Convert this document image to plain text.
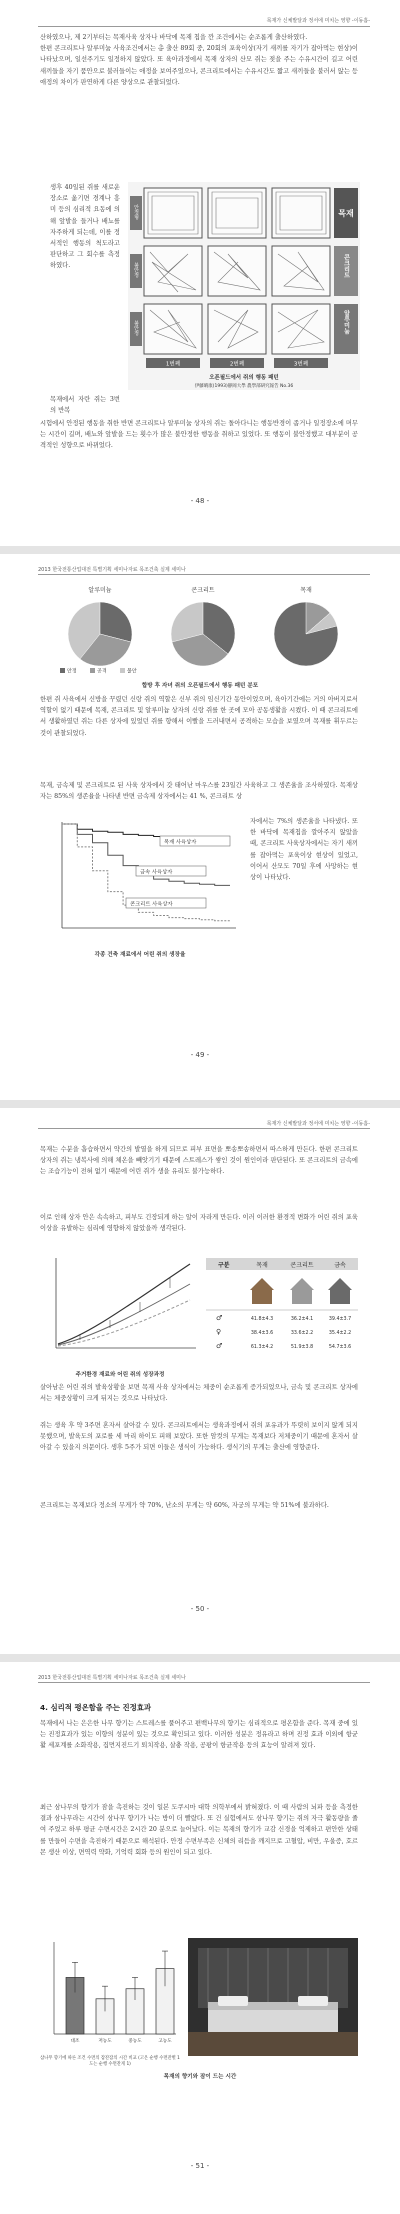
목재가 신체발달과 정서에 미치는 영향 -이동흡-
산하였으나, 제 2기부터는 목재사육 상자나 바닥에 목재 칩을 깐 조건에서는 순조롭게 출산하였다.
한편 콘크리트나 알루미늄 사육조건에서는 총 출산 89회 중, 20회의 포육이상(자기 새끼를 자기가 잡아먹는 현상)이 나타났으며, 일선주기도 일정하지 않았다. 또 육아과정에서 목재 상자의 산모 쥐는 젖을 주는 수유시간이 길고 어린 새끼들을 자기 품안으로 불러들이는 애정을 보여주었으나, 콘크리트에서는 수유시간도 짧고 새끼들을 불러서 않는 등 애정의 차이가 판연하게 다른 양상으로 관찰되었다.
생후 40일된 쥐를 새로운 장소로 옮기면 경계나 흥미 등의 심리적 요동에 의해 앞발을 들거나 배뇨를 자주하게 되는데, 이를 정서적인 행동의 척도라고 판단하고 그 회수를 측정하였다.
목재에서 자란 쥐는 3번의 반복
안정형
불안정
불안정
목재
콘크리트
알루미늄
1번째	2번째	3번째
오픈필드에서 쥐의 행동 패턴
伊藤晴康(1993)靜岡大學 農學部研究報告 No.36
시험에서 안정된 행동을 취한 반면 콘크리트나 알루미늄 상자의 쥐는 돌아다니는 행동반경이 좁거나 일정장소에 머무는 시간이 길며, 배뇨와 앞발을 드는 횟수가 많은 불안정한 행동을 취하고 있었다. 또 행동이 불안정했고 대부분이 공격적인 성향으로 바뀌었다.
- 48 -
2013 한국전통산업대전 특별기획 세미나자료 목조건축 실제 세미나
알루미늄	콘크리트	목재
안정	공격	불안
합방 후 자녀 쥐의 오픈필드에서 행동 패턴 분포
한편 쥐 사육에서 신방을 꾸렸던 신랑 쥐의 역할은 신부 쥐의 임신기간 동안이었으며, 육아기간에는 거의 아버지로서 역할이 없기 때문에 목재, 콘크리트 및 알루미늄 상자의 신랑 쥐를 한 곳에 모아 공동생활을 시켰다. 이 때 콘크리트에서 생활하였던 쥐는 다른 상자에 있었던 쥐를 향해서 이빨을 드러내면서 공격하는 모습을 보였으며 목재를 휘두르는 것이 관찰되었다.
목재, 금속제 및 콘크리트로 된 사육 상자에서 갓 태어난 마우스를 23일간 사육하고 그 생존율을 조사하였다. 목재상자는 85%의 생존율을 나타낸 반면 금속제 상자에서는 41 %, 콘크리트 상
목재 사육상자
금속 사육상자
콘크리트 사육상자
각종 건축 재료에서 어린 쥐의 생장율
자에서는 7%의 생존율을 나타냈다. 또한 바닥에 목재칩을 깔아주지 않았을 때, 콘크리트 사육상자에서는 자기 새끼를 잡아먹는 포육이상 현상이 있었고, 이어서 산모도 70일 후에 사망하는 현상이 나타났다.
- 49 -
목재가 신체발달과 정서에 미치는 영향 -이동흡-
목재는 수분을 흡습하면서 약간의 발열을 하게 되므로 피부 표면을 뽀송뽀송하면서 따스하게 만든다. 한편 콘크리트 상자의 쥐는 냉복사에 의해 체온을 빼앗기기 때문에 스트레스가 쌓인 것이 원인이라 판단된다. 또 콘크리트의 금속에는 조습기능이 전혀 없기 때문에 어린 쥐가 생을 유리도 불가능하다.
이로 인해 상자 안은 속속하고, 피부도 긴장되게 하는 알이 자라게 만든다. 이러 이러한 환경적 변화가 어린 쥐의 포육이상을 유발하는 심리에 영향하지 않았을까 생각된다.
구분	목재	콘크리트	금속
♂	41.8±4.3	36.2±4.1	39.4±3.7
♀	38.4±3.6	33.6±2.2	35.4±2.2
♂	61.3±4.2	51.9±3.8	54.7±3.6
주거환경 재료와 어린 쥐의 성장과정
살아남은 어린 쥐의 발육상황을 보면 목재 사육 상자에서는 체중이 순조롭게 증가되었으나, 금속 및 콘크리트 상자에서는 체중상황이 크게 뒤지는 것으로 나타났다.
쥐는 생육 후 약 3주면 혼자서 살아갈 수 있다. 콘크리트에서는 생육과정에서 쥐의 포유과가 뚜렷히 보이지 않게 되지 못했으며, 발육도의 포로를 세 마리 하이도 피해 보았다. 또한 암컷의 무게는 목재보다 저체중이기 때문에 혼자서 살아갈 수 있을지 의문이다. 생후 5주가 되면 이들은 생식이 가능하다. 생식기의 무게는 출산에 영향준다.
콘크리트는 목재보다 정소의 무게가 약 70%, 난소의 무게는 약 60%, 자궁의 무게는 약 51%에 불과하다.
- 50 -
2013 한국전통산업대전 특별기획 세미나자료 목조건축 실제 세미나
4. 심리적 평온함을 주는 진정효과
목재에서 나는 은은한 나무 향기는 스트레스를 풀어주고 편백나무의 향기는 심리적으로 평온함을 준다. 목재 중에 있는 진정효과가 있는 이향의 성분이 있는 것으로 확인되고 있다. 이러한 성분은 정유라고 하며 진정 효과 이외에 항균활 세포계를 소화작용, 집먼지진드기 퇴치작용, 살충 작용, 공팡이 항균작용 등의 효능이 알려져 있다.
최근 삼나무의 향기가 잠을 촉진하는 것이 일본 도쿠시마 대학 의학부에서 밝혀졌다. 이 때 사람의 뇌파 등을 측정한 결과 삼나무라는 시간이 삼나무 향기가 나는 방이 더 빨랐다. 또 건 실험에서도 삼나무 향기는 쥐의 자극 활동량을 줄여 주었고 하루 평균 수면시간은 2시간 20 분으로 늘어났다. 이는 목재의 향기가 교감 신경을 억제하고 편안한 상태를 만들어 수면을 촉진하기 때문으로 해석된다. 안정 수면부족은 신체의 리듬을 깨지므로 고혈압, 비만, 우울증, 호르몬 생산 이상, 면역력 약화, 기억력 회화 등의 원인이 되고 있다.
대조	저농도	중농도	고농도
삼나무 향기에 따른 조건 수면의 잠잔잠의 시간 비교 (고온 순행 수면잔별 1 도는 순행 수면잔게 1)
목재의 향기와 잠이 드는 시간
- 51 -
